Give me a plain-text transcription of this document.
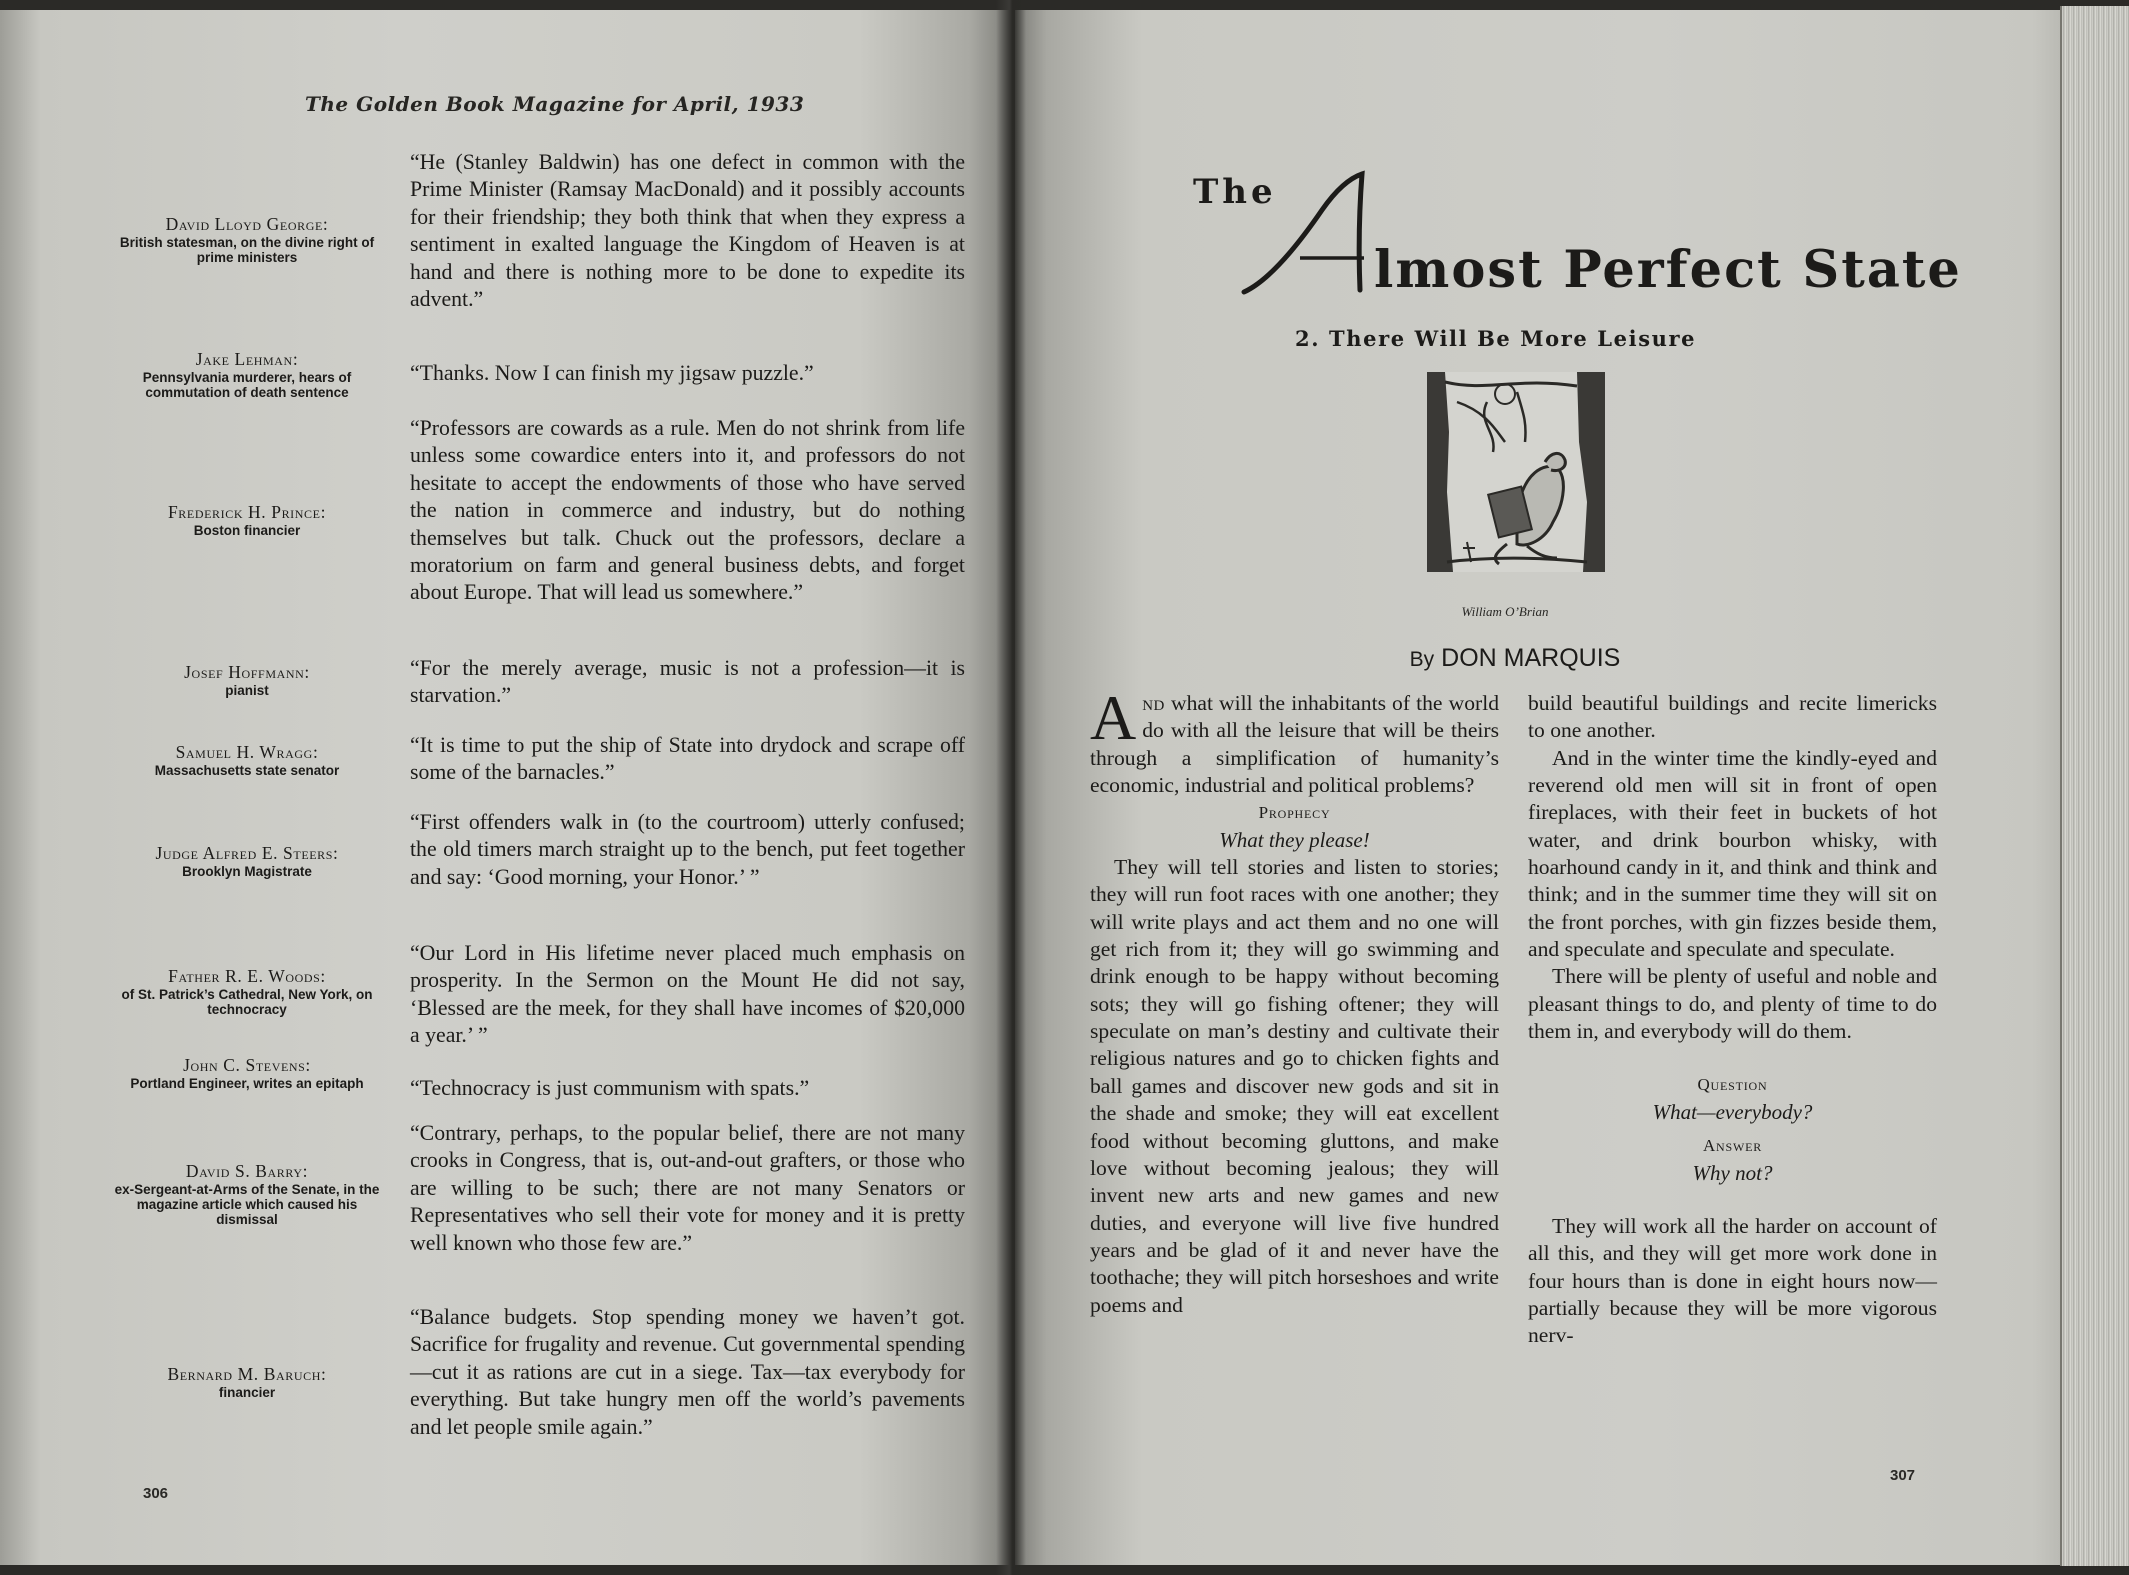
The Golden Book Magazine for April, 1933
David Lloyd George:
British statesman, on the divine right of prime ministers
“He (Stanley Baldwin) has one defect in common with the Prime Minister (Ramsay MacDonald) and it possibly accounts for their friendship; they both think that when they express a sentiment in exalted language the Kingdom of Heaven is at hand and there is nothing more to be done to expedite its advent.”
Jake Lehman:
Pennsylvania murderer, hears of commutation of death sentence
“Thanks. Now I can finish my jigsaw puzzle.”
Frederick H. Prince:
Boston financier
“Professors are cowards as a rule. Men do not shrink from life unless some cowardice enters into it, and professors do not hesitate to accept the endowments of those who have served the nation in commerce and industry, but do nothing themselves but talk. Chuck out the professors, declare a moratorium on farm and general business debts, and forget about Europe. That will lead us somewhere.”
Josef Hoffmann:
pianist
“For the merely average, music is not a profession—it is starvation.”
Samuel H. Wragg:
Massachusetts state senator
“It is time to put the ship of State into drydock and scrape off some of the barnacles.”
Judge Alfred E. Steers:
Brooklyn Magistrate
“First offenders walk in (to the courtroom) utterly confused; the old timers march straight up to the bench, put feet together and say: ‘Good morning, your Honor.’ ”
Father R. E. Woods:
of St. Patrick’s Cathedral, New York, on technocracy
“Our Lord in His lifetime never placed much emphasis on prosperity. In the Sermon on the Mount He did not say, ‘Blessed are the meek, for they shall have incomes of $20,000 a year.’ ”
John C. Stevens:
Portland Engineer, writes an epitaph	“Technocracy is just communism with spats.”
David S. Barry:
ex-Sergeant-at-Arms of the Senate, in the magazine article which caused his dismissal
“Contrary, perhaps, to the popular belief, there are not many crooks in Congress, that is, out-and-out grafters, or those who are willing to be such; there are not many Senators or Representatives who sell their vote for money and it is pretty well known who those few are.”
Bernard M. Baruch:
financier
“Balance budgets. Stop spending money we haven’t got. Sacrifice for frugality and revenue. Cut governmental spending—cut it as rations are cut in a siege. Tax—tax everybody for everything. But take hungry men off the world’s pavements and let people smile again.”
306
The
A
lmost Perfect State
2. There Will Be More Leisure
William O’Brian
By DON MARQUIS

And what will the inhabitants of the world do with all the leisure that will be theirs through a simplification of humanity’s economic, industrial and political problems?

Prophecy

What they please!

They will tell stories and listen to stories; they will run foot races with one another; they will write plays and act them and no one will get rich from it; they will go swimming and drink enough to be happy without becoming sots; they will go fishing oftener; they will speculate on man’s destiny and cultivate their religious natures and go to chicken fights and ball games and discover new gods and sit in the shade and smoke; they will eat excellent food without becoming gluttons, and make love without becoming jealous; they will invent new arts and new games and new duties, and everyone will live five hundred years and be glad of it and never have the toothache; they will pitch horseshoes and write poems and

build beautiful buildings and recite limericks to one another.

And in the winter time the kindly-eyed and reverend old men will sit in front of open fireplaces, with their feet in buckets of hot water, and drink bourbon whisky, with hoarhound candy in it, and think and think and think; and in the summer time they will sit on the front porches, with gin fizzes beside them, and speculate and speculate and speculate.

There will be plenty of useful and noble and pleasant things to do, and plenty of time to do them in, and everybody will do them.

Question

What—everybody?

Answer

Why not?

They will work all the harder on account of all this, and they will get more work done in four hours than is done in eight hours now—partially because they will be more vigorous nerv-

307
